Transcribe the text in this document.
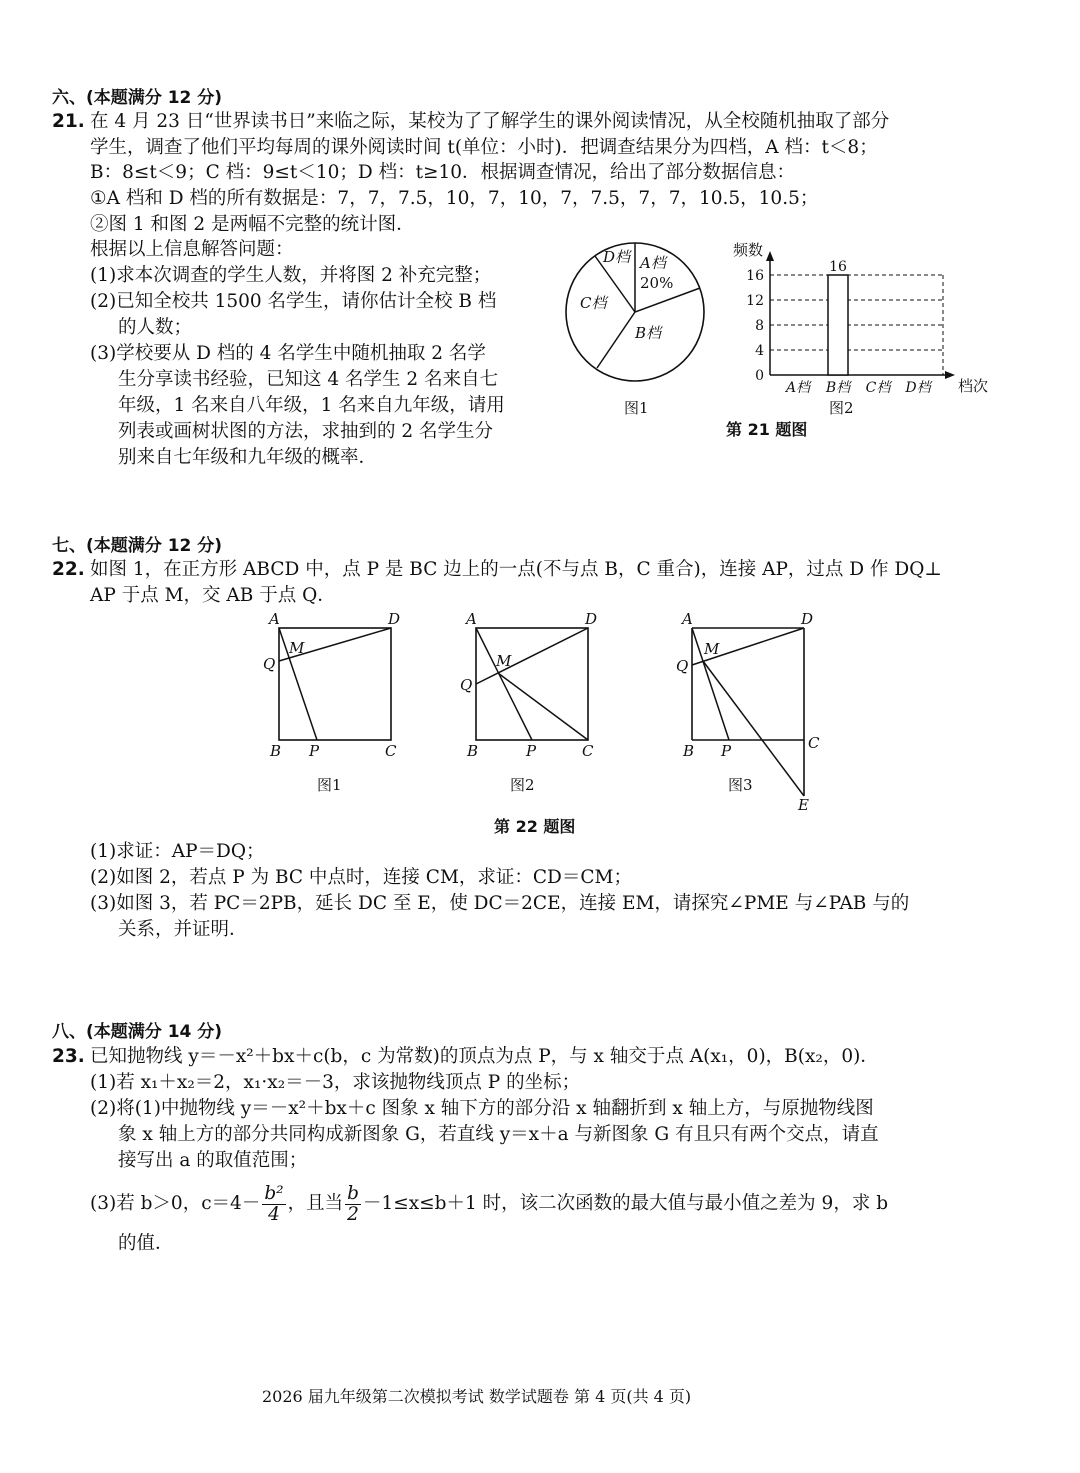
六、(本题满分 12 分)
21. 在 4 月 23 日“世界读书日”来临之际，某校为了了解学生的课外阅读情况，从全校随机抽取了部分
学生，调查了他们平均每周的课外阅读时间 t(单位：小时)．把调查结果分为四档，A 档：t＜8；
B：8≤t＜9；C 档：9≤t＜10；D 档：t≥10．根据调查情况，给出了部分数据信息：
①A 档和 D 档的所有数据是：7，7，7.5，10，7，10，7，7.5，7，7，10.5，10.5；
②图 1 和图 2 是两幅不完整的统计图．
根据以上信息解答问题：
(1)求本次调查的学生人数，并将图 2 补充完整；
(2)已知全校共 1500 名学生，请你估计全校 B 档
的人数；
(3)学校要从 D 档的 4 名学生中随机抽取 2 名学
生分享读书经验，已知这 4 名学生 2 名来自七
年级，1 名来自八年级，1 名来自九年级，请用
列表或画树状图的方法，求抽到的 2 名学生分
别来自七年级和九年级的概率．
D档 A档
20%
C档
B档
图1
频数
0
4
8
12
16
A档 B档
16
C档 D档 档次
图2
第 21 题图
七、(本题满分 12 分)
22. 如图 1，在正方形 ABCD 中，点 P 是 BC 边上的一点(不与点 B，C 重合)，连接 AP，过点 D 作 DQ⊥
AP 于点 M，交 AB 于点 Q．
A	D
M
Q
B P	C
图1
A	D
M
Q
B	P	C
图2
A	D
M
Q
B P	C
E
图3
第 22 题图
(1)求证：AP＝DQ；
(2)如图 2，若点 P 为 BC 中点时，连接 CM，求证：CD＝CM；
(3)如图 3，若 PC＝2PB，延长 DC 至 E，使 DC＝2CE，连接 EM，请探究∠PME 与∠PAB 与的
关系，并证明．
八、(本题满分 14 分)
23. 已知抛物线 y＝－x²＋bx＋c(b，c 为常数)的顶点为点 P，与 x 轴交于点 A(x₁，0)，B(x₂，0)．
(1)若 x₁＋x₂＝2，x₁·x₂＝－3，求该抛物线顶点 P 的坐标；
(2)将(1)中抛物线 y＝－x²＋bx＋c 图象 x 轴下方的部分沿 x 轴翻折到 x 轴上方，与原抛物线图
象 x 轴上方的部分共同构成新图象 G，若直线 y＝x＋a 与新图象 G 有且只有两个交点，请直
接写出 a 的取值范围；
(3)若 b＞0，$c=4- \frac{\text{b²}}{4}$ ，且当 $\frac{b}{2} -1\le x\le b+1$ 时，该二次函数的最大值与最小值之差为 9，求 b
的值．
2026 届九年级第二次模拟考试 数学试题卷 第 4 页(共 4 页)
